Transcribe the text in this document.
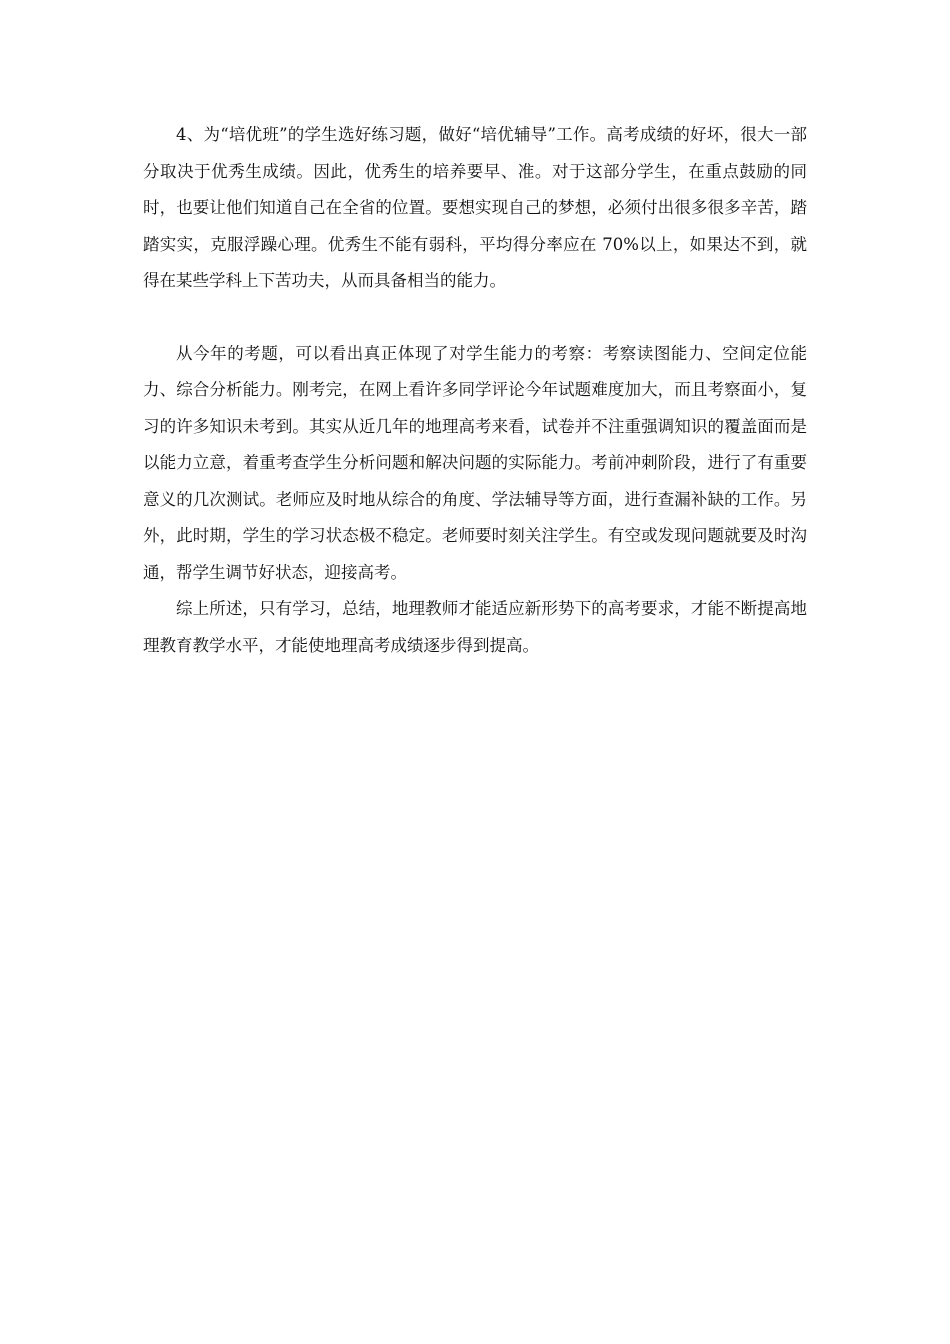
4、为“培优班”的学生选好练习题，做好“培优辅导”工作。高考成绩的好坏，很大一部分取决于优秀生成绩。因此，优秀生的培养要早、准。对于这部分学生，在重点鼓励的同时，也要让他们知道自己在全省的位置。要想实现自己的梦想，必须付出很多很多辛苦，踏踏实实，克服浮躁心理。优秀生不能有弱科，平均得分率应在 70%以上，如果达不到，就得在某些学科上下苦功夫，从而具备相当的能力。

从今年的考题，可以看出真正体现了对学生能力的考察：考察读图能力、空间定位能力、综合分析能力。刚考完，在网上看许多同学评论今年试题难度加大，而且考察面小，复习的许多知识未考到。其实从近几年的地理高考来看，试卷并不注重强调知识的覆盖面而是以能力立意，着重考查学生分析问题和解决问题的实际能力。考前冲刺阶段，进行了有重要意义的几次测试。老师应及时地从综合的角度、学法辅导等方面，进行查漏补缺的工作。另外，此时期，学生的学习状态极不稳定。老师要时刻关注学生。有空或发现问题就要及时沟通，帮学生调节好状态，迎接高考。

综上所述，只有学习，总结，地理教师才能适应新形势下的高考要求，才能不断提高地理教育教学水平，才能使地理高考成绩逐步得到提高。
